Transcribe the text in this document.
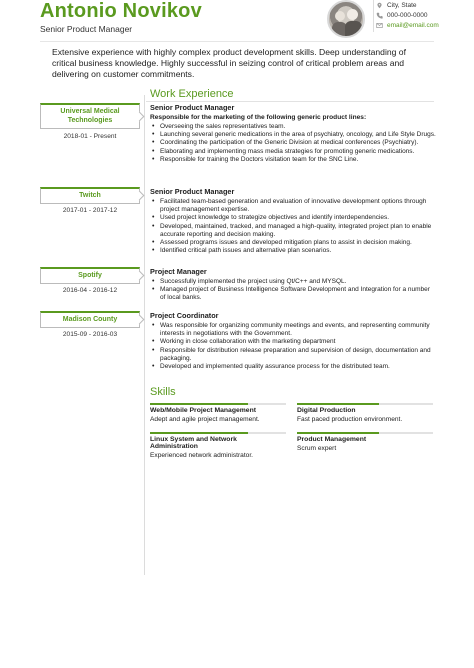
Antonio Novikov
Senior Product Manager
City, State
000-000-0000
email@email.com
Extensive experience with highly complex product development skills. Deep understanding of critical business knowledge. Highly successful in seizing control of critical problem areas and delivering on customer commitments.
Work Experience
Universal Medical Technologies
2018-01 - Present
Twitch
2017-01 - 2017-12
Spotify
2016-04 - 2016-12
Madison County
2015-09 - 2016-03
Senior Product Manager
Responsible for the marketing of the following generic product lines:
• Overseeing the sales representatives team.
• Launching several generic medications in the area of psychiatry, oncology, and Life Style Drugs.
• Coordinating the participation of the Generic Division at medical conferences (Psychiatry).
• Elaborating and implementing mass media strategies for promoting generic medications.
• Responsible for training the Doctors visitation team for the SNC Line.
Senior Product Manager
• Facilitated team-based generation and evaluation of innovative development options through project management expertise.
• Used project knowledge to strategize objectives and identify interdependencies.
• Developed, maintained, tracked, and managed a high-quality, integrated project plan to enable accurate reporting and decision making.
• Assessed programs issues and developed mitigation plans to assist in decision making.
• Identified critical path issues and alternative plan scenarios.
Project Manager
• Successfully implemented the project using Qt/C++ and MYSQL.
• Managed project of Business Intelligence Software Development and Integration for a number of local banks.
Project Coordinator
• Was responsible for organizing community meetings and events, and representing community interests in negotiations with the Government.
• Working in close collaboration with the marketing department
• Responsible for distribution release preparation and supervision of design, documentation and packaging.
• Developed and implemented quality assurance process for the distributed team.
Skills
Web/Mobile Project Management
Adept and agile project management.
Digital Production
Fast paced production environment.
Linux System and Network Administration
Experienced network administrator.
Product Management
Scrum expert
